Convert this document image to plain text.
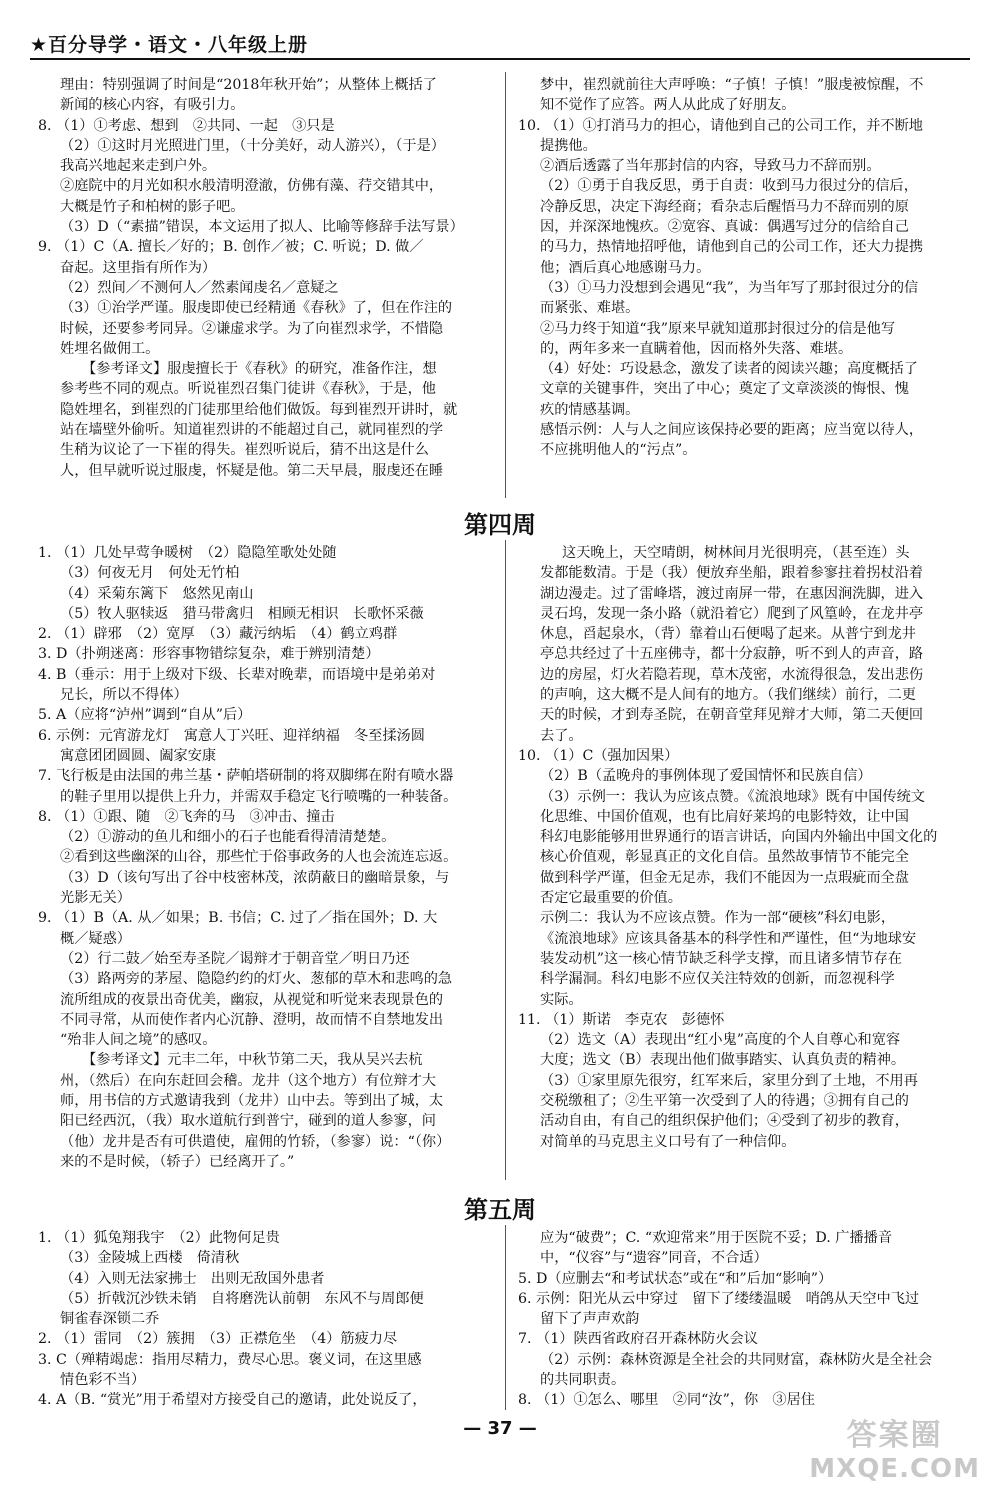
★百分导学・语文・八年级上册

理由：特别强调了时间是“2018年秋开始”；从整体上概括了

新闻的核心内容，有吸引力。

8. （1）①考虑、想到　②共同、一起　③只是

（2）①这时月光照进门里，（十分美好，动人游兴），（于是）

我高兴地起来走到户外。

②庭院中的月光如积水般清明澄澈，仿佛有藻、荇交错其中，

大概是竹子和柏树的影子吧。

（3）D（“素描”错误，本文运用了拟人、比喻等修辞手法写景）

9. （1）C（A. 擅长／好的；B. 创作／被；C. 听说；D. 做／

奋起。这里指有所作为）

（2）烈间／不测何人／然素闻虔名／意疑之

（3）①治学严谨。服虔即使已经精通《春秋》了，但在作注的

时候，还要参考同异。②谦虚求学。为了向崔烈求学，不惜隐

姓埋名做佣工。

【参考译文】服虔擅长于《春秋》的研究，准备作注，想

参考些不同的观点。听说崔烈召集门徒讲《春秋》，于是，他

隐姓埋名，到崔烈的门徒那里给他们做饭。每到崔烈开讲时，就

站在墙壁外偷听。知道崔烈讲的不能超过自己，就同崔烈的学

生稍为议论了一下崔的得失。崔烈听说后，猜不出这是什么

人，但早就听说过服虔，怀疑是他。第二天早晨，服虔还在睡

梦中，崔烈就前往大声呼唤：“子慎！子慎！”服虔被惊醒，不

知不觉作了应答。两人从此成了好朋友。

10. （1）①打消马力的担心，请他到自己的公司工作，并不断地

提携他。

②酒后透露了当年那封信的内容，导致马力不辞而别。

（2）①勇于自我反思，勇于自责：收到马力很过分的信后，

冷静反思，决定下海经商；看杂志后醒悟马力不辞而别的原

因，并深深地愧疚。②宽容、真诚：偶遇写过分的信给自己

的马力，热情地招呼他，请他到自己的公司工作，还大力提携

他；酒后真心地感谢马力。

（3）①马力没想到会遇见“我”，为当年写了那封很过分的信

而紧张、难堪。

②马力终于知道“我”原来早就知道那封很过分的信是他写

的，两年多来一直瞒着他，因而格外失落、难堪。

（4）好处：巧设悬念，激发了读者的阅读兴趣；高度概括了

文章的关键事件，突出了中心；奠定了文章淡淡的悔恨、愧

疚的情感基调。

感悟示例：人与人之间应该保持必要的距离；应当宽以待人，

不应挑明他人的“污点”。

第四周

1. （1）几处早莺争暖树　（2）隐隐笙歌处处随

（3）何夜无月　何处无竹柏

（4）采菊东篱下　悠然见南山

（5）牧人驱犊返　猎马带禽归　相顾无相识　长歌怀采薇

2. （1）辟邪　（2）宽厚　（3）藏污纳垢　（4）鹤立鸡群

3. D（扑朔迷离：形容事物错综复杂，难于辨别清楚）

4. B（垂示：用于上级对下级、长辈对晚辈，而语境中是弟弟对

兄长，所以不得体）

5. A（应将“泸州”调到“自从”后）

6. 示例：元宵游龙灯　寓意人丁兴旺、迎祥纳福　冬至揉汤圆

寓意团团圆圆、阖家安康

7. 飞行板是由法国的弗兰基・萨帕塔研制的将双脚绑在附有喷水器

的鞋子里用以提供上升力，并需双手稳定飞行喷嘴的一种装备。

8. （1）①跟、随　②飞奔的马　③冲击、撞击

（2）①游动的鱼儿和细小的石子也能看得清清楚楚。

②看到这些幽深的山谷，那些忙于俗事政务的人也会流连忘返。

（3）D（该句写出了谷中枝密林茂，浓荫蔽日的幽暗景象，与

光影无关）

9. （1）B（A. 从／如果；B. 书信；C. 过了／指在国外；D. 大

概／疑惑）

（2）行二鼓／始至寿圣院／谒辩才于朝音堂／明日乃还

（3）路两旁的茅屋、隐隐约约的灯火、葱郁的草木和悲鸣的急

流所组成的夜景出奇优美，幽寂，从视觉和听觉来表现景色的

不同寻常，从而使作者内心沉静、澄明，故而情不自禁地发出

“殆非人间之境”的感叹。

【参考译文】元丰二年，中秋节第二天，我从吴兴去杭

州，（然后）在向东赶回会稽。龙井（这个地方）有位辩才大

师，用书信的方式邀请我到（龙井）山中去。等到出了城，太

阳已经西沉，（我）取水道航行到普宁，碰到的道人参寥，问

（他）龙井是否有可供遣使，雇佣的竹轿，（参寥）说：“（你）

来的不是时候，（轿子）已经离开了。”

这天晚上，天空晴朗，树林间月光很明亮，（甚至连）头

发都能数清。于是（我）便放弃坐船，跟着参寥拄着拐杖沿着

湖边漫走。过了雷峰塔，渡过南屏一带，在惠因涧洗脚，进入

灵石坞，发现一条小路（就沿着它）爬到了风篁岭，在龙井亭

休息，舀起泉水，（背）靠着山石便喝了起来。从普宁到龙井

亭总共经过了十五座佛寺，都十分寂静，听不到人的声音，路

边的房屋，灯火若隐若现，草木茂密，水流得很急，发出悲伤

的声响，这大概不是人间有的地方。（我们继续）前行，二更

天的时候，才到寿圣院，在朝音堂拜见辩才大师，第二天便回

去了。

10. （1）C（强加因果）

（2）B（孟晚舟的事例体现了爱国情怀和民族自信）

（3）示例一：我认为应该点赞。《流浪地球》既有中国传统文

化思维、中国价值观，也有比肩好莱坞的电影特效，让中国

科幻电影能够用世界通行的语言讲话，向国内外输出中国文化的

核心价值观，彰显真正的文化自信。虽然故事情节不能完全

做到科学严谨，但金无足赤，我们不能因为一点瑕疵而全盘

否定它最重要的价值。

示例二：我认为不应该点赞。作为一部“硬核”科幻电影，

《流浪地球》应该具备基本的科学性和严谨性，但“为地球安

装发动机”这一核心情节缺乏科学支撑，而且诸多情节存在

科学漏洞。科幻电影不应仅关注特效的创新，而忽视科学

实际。

11. （1）斯诺　李克农　彭德怀

（2）选文（A）表现出“红小鬼”高度的个人自尊心和宽容

大度；选文（B）表现出他们做事踏实、认真负责的精神。

（3）①家里原先很穷，红军来后，家里分到了土地，不用再

交税缴租了；②生平第一次受到了人的待遇；③拥有自己的

活动自由，有自己的组织保护他们；④受到了初步的教育，

对简单的马克思主义口号有了一种信仰。

第五周

1. （1）狐兔翔我宇　（2）此物何足贵

（3）金陵城上西楼　倚清秋

（4）入则无法家拂士　出则无敌国外患者

（5）折戟沉沙铁未销　自将磨洗认前朝　东风不与周郎便

铜雀春深锁二乔

2. （1）雷同　（2）簇拥　（3）正襟危坐　（4）筋疲力尽

3. C（殚精竭虑：指用尽精力，费尽心思。褒义词，在这里感

情色彩不当）

4. A（B. “赏光”用于希望对方接受自己的邀请，此处说反了，

应为“破费”；C. “欢迎常来”用于医院不妥；D. 广播播音

中，“仪容”与“遗容”同音，不合适）

5. D（应删去“和考试状态”或在“和”后加“影响”）

6. 示例：阳光从云中穿过　留下了缕缕温暖　哨鸽从天空中飞过

留下了声声欢韵

7. （1）陕西省政府召开森林防火会议

（2）示例：森林资源是全社会的共同财富，森林防火是全社会

的共同职责。

8. （1）①怎么、哪里　②同“汝”，你　③居住

— 37 —	答案圈
MXQE.COM
